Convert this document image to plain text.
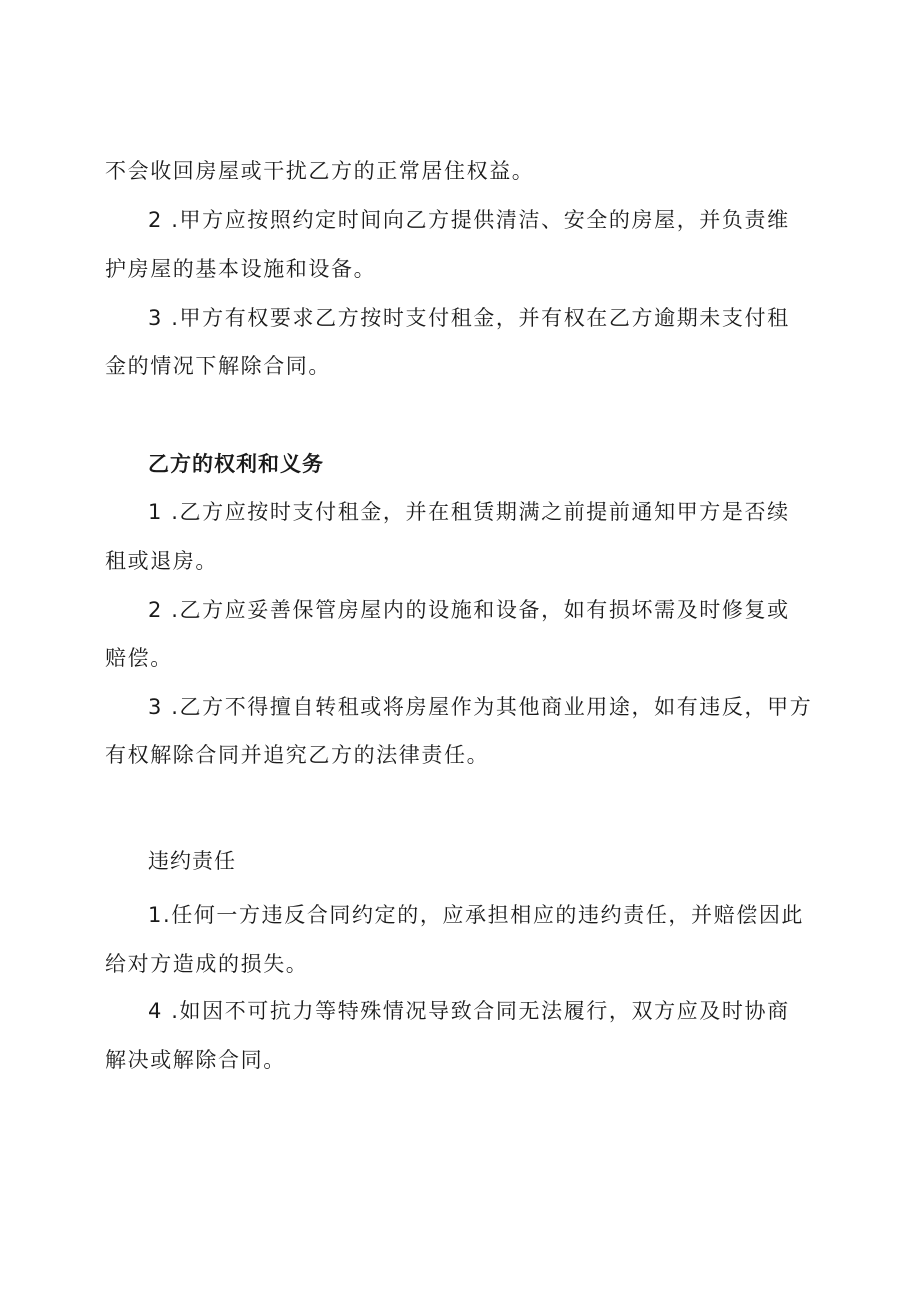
不会收回房屋或干扰乙方的正常居住权益。
2 .甲方应按照约定时间向乙方提供清洁、安全的房屋，并负责维
护房屋的基本设施和设备。
3 .甲方有权要求乙方按时支付租金，并有权在乙方逾期未支付租
金的情况下解除合同。
乙方的权利和义务
1 .乙方应按时支付租金，并在租赁期满之前提前通知甲方是否续
租或退房。
2 .乙方应妥善保管房屋内的设施和设备，如有损坏需及时修复或
赔偿。
3 .乙方不得擅自转租或将房屋作为其他商业用途，如有违反，甲方
有权解除合同并追究乙方的法律责任。
违约责任
1.任何一方违反合同约定的，应承担相应的违约责任，并赔偿因此
给对方造成的损失。
4 .如因不可抗力等特殊情况导致合同无法履行，双方应及时协商
解决或解除合同。
